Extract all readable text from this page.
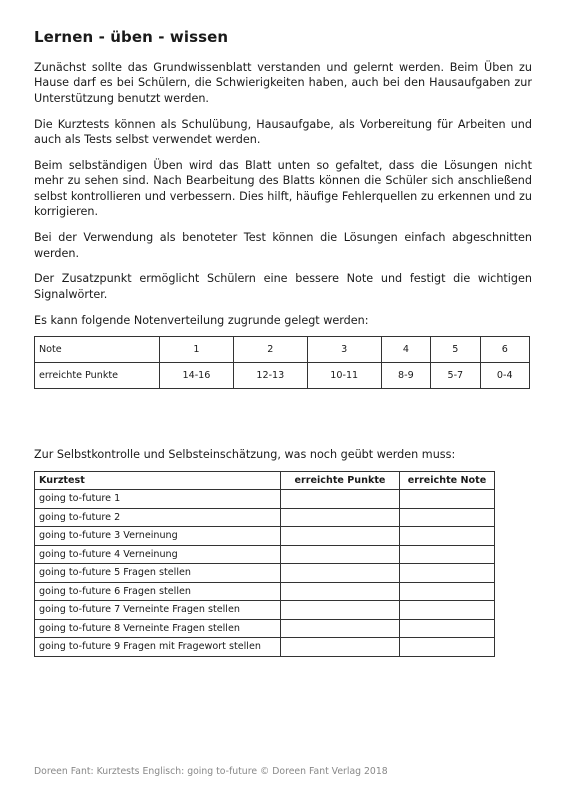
Lernen - üben - wissen

Zunächst sollte das Grundwissenblatt verstanden und gelernt werden. Beim Üben zu Hause darf es bei Schülern, die Schwierigkeiten haben, auch bei den Hausaufgaben zur Unterstützung benutzt werden.

Die Kurztests können als Schulübung, Hausaufgabe, als Vorbereitung für Arbeiten und auch als Tests selbst verwendet werden.

Beim selbständigen Üben wird das Blatt unten so gefaltet, dass die Lösungen nicht mehr zu sehen sind. Nach Bearbeitung des Blatts können die Schüler sich anschließend selbst kontrollieren und verbessern. Dies hilft, häufige Fehlerquellen zu erkennen und zu korrigieren.

Bei der Verwendung als benoteter Test können die Lösungen einfach abgeschnitten werden.

Der Zusatzpunkt ermöglicht Schülern eine bessere Note und festigt die wichtigen Signalwörter.

Es kann folgende Notenverteilung zugrunde gelegt werden:

Note	1	2	3	4	5	6
erreichte Punkte	14-16	12-13	10-11	8-9	5-7	0-4

Zur Selbstkontrolle und Selbsteinschätzung, was noch geübt werden muss:

Kurztest	erreichte Punkte	erreichte Note
going to-future 1		
going to-future 2		
going to-future 3 Verneinung		
going to-future 4 Verneinung		
going to-future 5 Fragen stellen		
going to-future 6 Fragen stellen		
going to-future 7 Verneinte Fragen stellen		
going to-future 8 Verneinte Fragen stellen		
going to-future 9 Fragen mit Fragewort stellen		
Doreen Fant: Kurztests Englisch: going to-future © Doreen Fant Verlag 2018
